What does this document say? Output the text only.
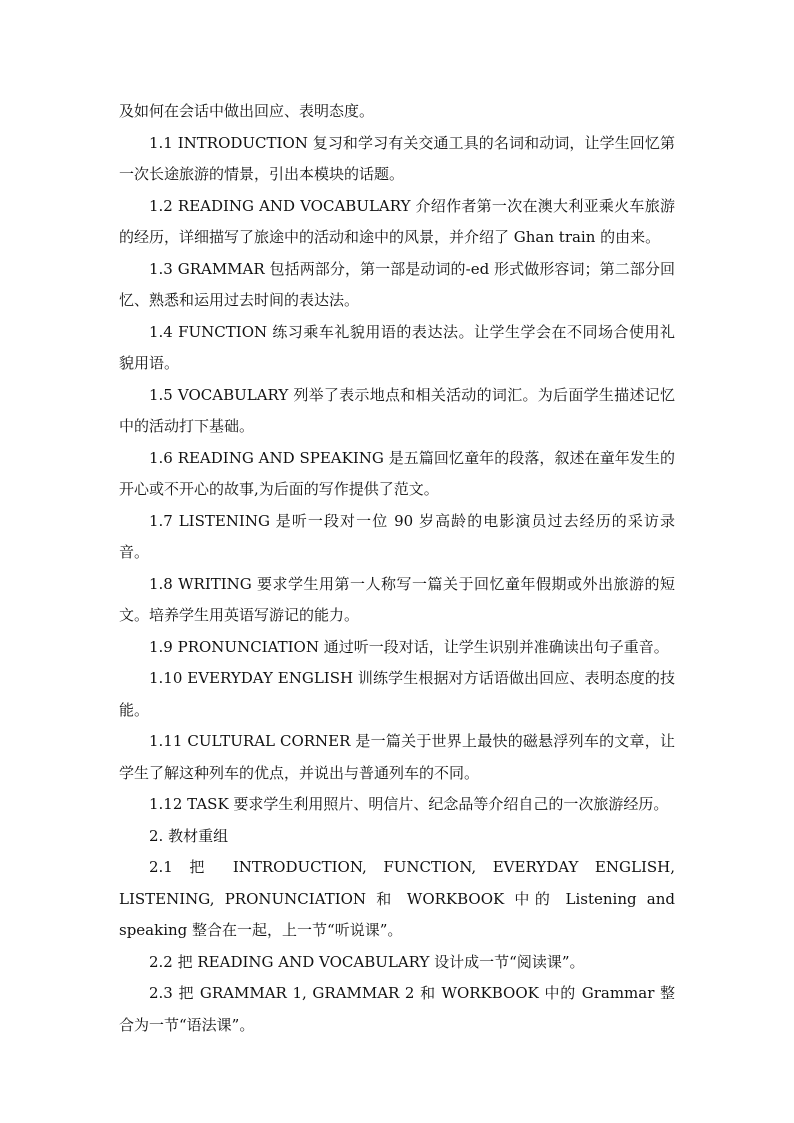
及如何在会话中做出回应、表明态度。

1.1 INTRODUCTION 复习和学习有关交通工具的名词和动词，让学生回忆第一次长途旅游的情景，引出本模块的话题。

1.2 READING AND VOCABULARY 介绍作者第一次在澳大利亚乘火车旅游的经历，详细描写了旅途中的活动和途中的风景，并介绍了 Ghan train 的由来。

1.3 GRAMMAR 包括两部分，第一部是动词的-ed 形式做形容词；第二部分回忆、熟悉和运用过去时间的表达法。

1.4 FUNCTION 练习乘车礼貌用语的表达法。让学生学会在不同场合使用礼貌用语。

1.5 VOCABULARY 列举了表示地点和相关活动的词汇。为后面学生描述记忆中的活动打下基础。

1.6 READING AND SPEAKING 是五篇回忆童年的段落，叙述在童年发生的开心或不开心的故事,为后面的写作提供了范文。

1.7 LISTENING 是听一段对一位 90 岁高龄的电影演员过去经历的采访录音。

1.8 WRITING 要求学生用第一人称写一篇关于回忆童年假期或外出旅游的短文。培养学生用英语写游记的能力。

1.9 PRONUNCIATION 通过听一段对话，让学生识别并准确读出句子重音。

1.10 EVERYDAY ENGLISH 训练学生根据对方话语做出回应、表明态度的技能。

1.11 CULTURAL CORNER 是一篇关于世界上最快的磁悬浮列车的文章，让学生了解这种列车的优点，并说出与普通列车的不同。

1.12 TASK 要求学生利用照片、明信片、纪念品等介绍自己的一次旅游经历。

2. 教材重组

2.1 把 INTRODUCTION, FUNCTION, EVERYDAY ENGLISH, LISTENING, PRONUNCIATION 和 WORKBOOK 中的 Listening and speaking 整合在一起，上一节“听说课”。

2.2 把 READING AND VOCABULARY 设计成一节“阅读课”。

2.3 把 GRAMMAR 1, GRAMMAR 2 和 WORKBOOK 中的 Grammar 整合为一节“语法课”。
